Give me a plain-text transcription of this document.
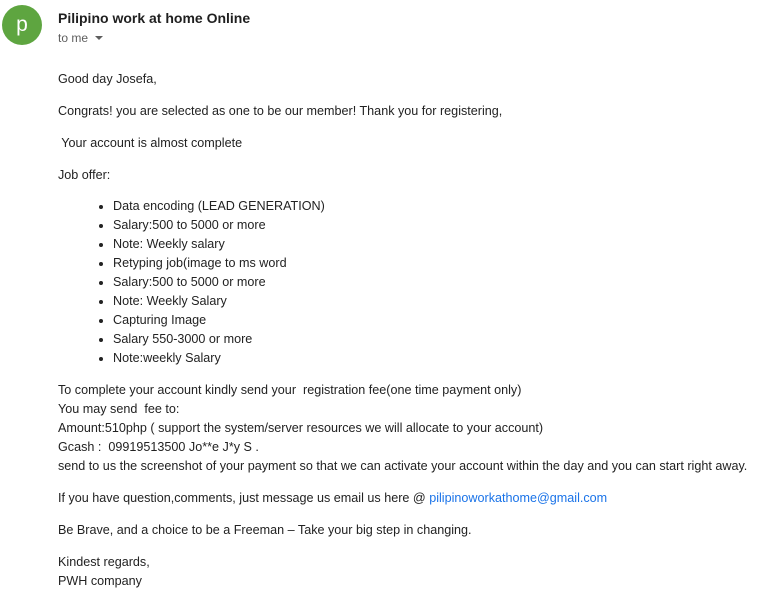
p	Pilipino work at home Online
to me

Good day Josefa,

Congrats! you are selected as one to be our member! Thank you for registering,

Your account is almost complete

Job offer:

• Data encoding (LEAD GENERATION)
• Salary:500 to 5000 or more
• Note: Weekly salary
• Retyping job(image to ms word
• Salary:500 to 5000 or more
• Note: Weekly Salary
• Capturing Image
• Salary 550-3000 or more
• Note:weekly Salary

To complete your account kindly send your  registration fee(one time payment only)

You may send  fee to:

Amount:510php ( support the system/server resources we will allocate to your account)

Gcash :  09919513500 Jo**e J*y S .

send to us the screenshot of your payment so that we can activate your account within the day and you can start right away.

If you have question,comments, just message us email us here @ pilipinoworkathome@gmail.com

Be Brave, and a choice to be a Freeman – Take your big step in changing.

Kindest regards,

PWH company
